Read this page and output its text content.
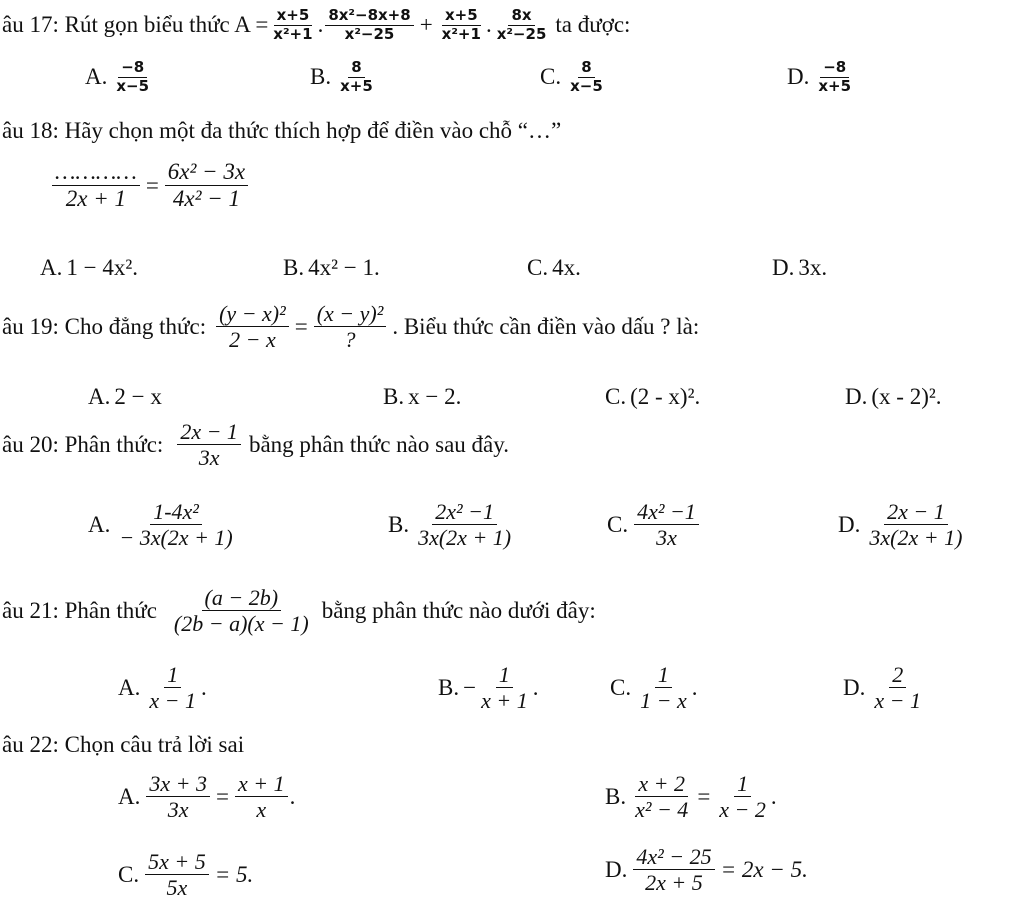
âu 17: Rút gọn biểu thức $A = \frac{x+5}{\text{x²+1}}$ . 8x²−8x+8
$x^2-25 + \frac{x+5}{\text{x²+1}}$ . 8x
x²−25 ta được:
A. −8
x−5	B. 8
x+5	C. 8
x−5	D. −8
x+5
âu 18: Hãy chọn một đa thức thích hợp để điền vào chỗ “…”
…………
2x + 1
= $\frac{\text{6x² − 3x}}{\text{4x² − 1}}$
A. 1 − 4x².	B. 4x² − 1.	C. 4x.	D. 3x.
âu 19: Cho đẳng thức: $\frac{\text{(y − x)²}}{2 - x}$ =
(x − y)²
?
. Biểu thức cần điền vào dấu ? là:
A. 2 − x	B. x − 2.	C. (2 - x)².	D. (x - 2)².
âu 20: Phân thức:
2x − 1
3x
bằng phân thức nào sau đây.
A.
1-4x²
− 3x(2x + 1)
B.
2x² −1
3x(2x + 1)
C.
4x² −1
3x
D.
2x − 1
3x(2x + 1)
âu 21: Phân thức
(a − 2b)
(2b − a)(x − 1)
bằng phân thức nào dưới đây:
A.
1
x − 1
.	B. − $\frac{1}{x + 1}$ .	C.
1
1 − x
.	D.
2
x − 1
âu 22: Chọn câu trả lời sai
A. $\frac{3x + 3}{3x} = \frac{x + 1}{x}$ .	B. $\frac{x + 2}{\text{x² − 4}} = \frac{1}{x - 2}$ .
C. $\frac{5x + 5}{5x} = 5$.	D. $\frac{\text{4x² − 25}}{2x + 5} = 2x - 5$.
